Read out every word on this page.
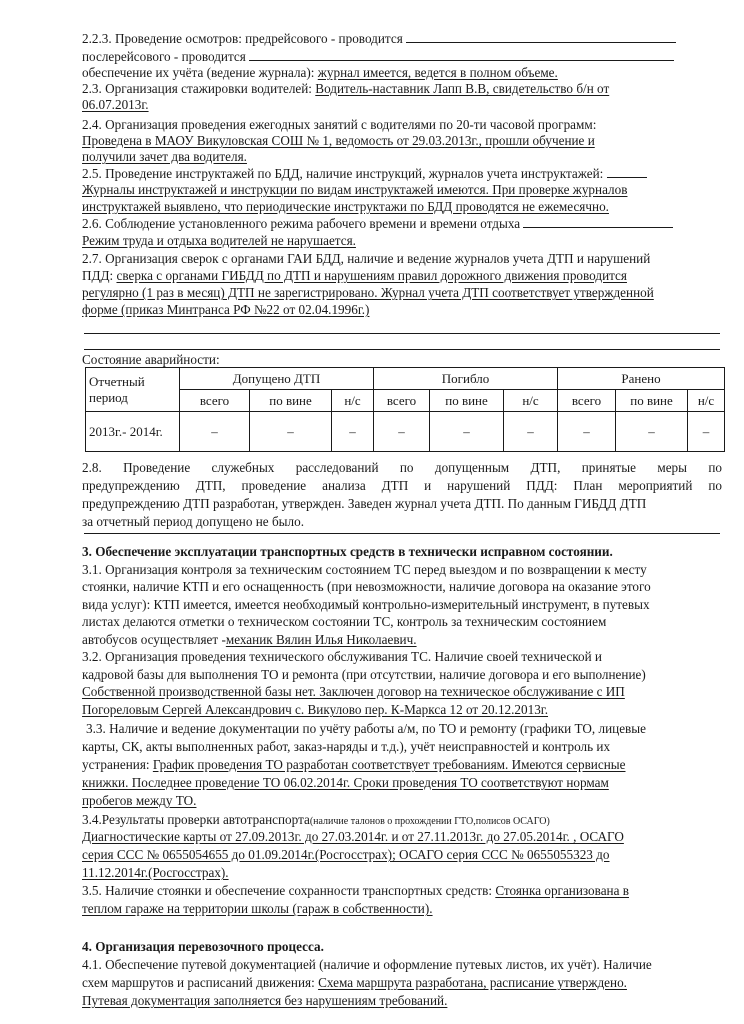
2.2.3. Проведение осмотров: предрейсового - проводится
послерейсового - проводится
обеспечение их учёта (ведение журнала): журнал имеется, ведется в полном объеме.
2.3. Организация стажировки водителей: Водитель-наставник Лапп В.В, свидетельство б/н от
06.07.2013г.
2.4. Организация проведения ежегодных занятий с водителями по 20-ти часовой программ:
Проведена в МАОУ Викуловская СОШ № 1, ведомость от 29.03.2013г., прошли обучение и
получили зачет два водителя.
2.5. Проведение инструктажей по БДД, наличие инструкций, журналов учета инструктажей:
Журналы инструктажей и инструкции по видам инструктажей имеются. При проверке журналов
инструктажей выявлено, что периодические инструктажи по БДД проводятся не ежемесячно.
2.6. Соблюдение установленного режима рабочего времени и времени отдыха
Режим труда и отдыха водителей не нарушается.
2.7. Организация сверок с органами ГАИ БДД, наличие и ведение журналов учета ДТП и нарушений
ПДД: сверка с органами ГИБДД по ДТП и нарушениям правил дорожного движения проводится
регулярно (1 раз в месяц) ДТП не зарегистрировано. Журнал учета ДТП соответствует утвержденной
форме (приказ Минтранса РФ №22 от 02.04.1996г.)
Состояние аварийности:
Отчетный период	Допущено ДТП			Погибло			Ранено		
	всего	по вине	н/с	всего	по вине	н/с	всего	по вине	н/с
2013г.- 2014г.	–	–	–	–	–	–	–	–	–
2.8. Проведение служебных расследований по допущенным ДТП, принятые меры по
предупреждению ДТП, проведение анализа ДТП и нарушений ПДД: План мероприятий по
предупреждению ДТП разработан, утвержден. Заведен журнал учета ДТП. По данным ГИБДД ДТП
за отчетный период допущено не было.
3. Обеспечение эксплуатации транспортных средств в технически исправном состоянии.
3.1. Организация контроля за техническим состоянием ТС перед выездом и по возвращении к месту
стоянки, наличие КТП и его оснащенность (при невозможности, наличие договора на оказание этого
вида услуг): КТП имеется, имеется необходимый контрольно-измерительный инструмент, в путевых
листах делаются отметки о техническом состоянии ТС, контроль за техническим состоянием
автобусов осуществляет -механик Вялин Илья Николаевич.
3.2. Организация проведения технического обслуживания ТС. Наличие своей технической и
кадровой базы для выполнения ТО и ремонта (при отсутствии, наличие договора и его выполнение)
Собственной производственной базы нет. Заключен договор на техническое обслуживание с ИП
Погореловым Сергей Александрович с. Викулово пер. К-Маркса 12 от 20.12.2013г.
3.3. Наличие и ведение документации по учёту работы а/м, по ТО и ремонту (графики ТО, лицевые
карты, СК, акты выполненных работ, заказ-наряды и т.д.), учёт неисправностей и контроль их
устранения: График проведения ТО разработан соответствует требованиям. Имеются сервисные
книжки. Последнее проведение ТО 06.02.2014г. Сроки проведения ТО соответствуют нормам
пробегов между ТО.
3.4.Результаты проверки автотранспорта(наличие талонов о прохождении ГТО,полисов ОСАГО)
Диагностические карты от 27.09.2013г. до 27.03.2014г. и от 27.11.2013г. до 27.05.2014г. , ОСАГО
серия ССС № 0655054655 до 01.09.2014г.(Росгосстрах); ОСАГО серия ССС № 0655055323 до
11.12.2014г.(Росгосстрах).
3.5. Наличие стоянки и обеспечение сохранности транспортных средств: Стоянка организована в
теплом гараже на территории школы (гараж в собственности).
4. Организация перевозочного процесса.
4.1. Обеспечение путевой документацией (наличие и оформление путевых листов, их учёт). Наличие
схем маршрутов и расписаний движения: Схема маршрута разработана, расписание утверждено.
Путевая документация заполняется без нарушениям требований.
